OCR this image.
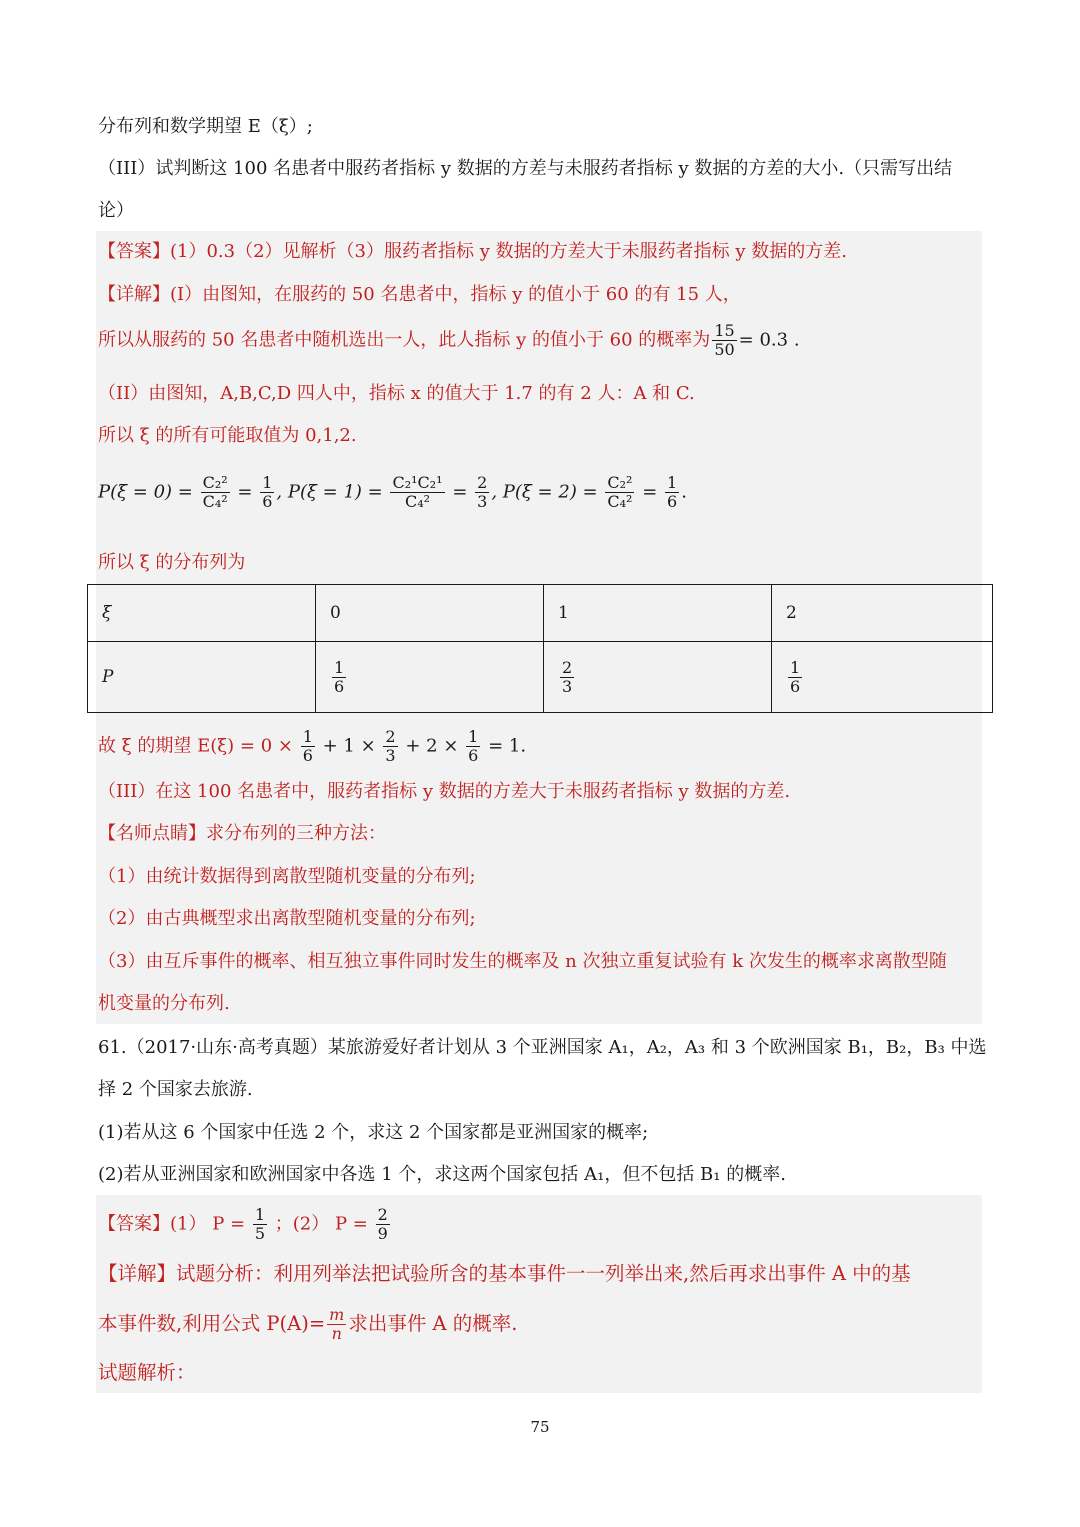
分布列和数学期望 E（ξ）;
（III）试判断这 100 名患者中服药者指标 y 数据的方差与未服药者指标 y 数据的方差的大小.（只需写出结
论）
【答案】(1）0.3（2）见解析（3）服药者指标 y 数据的方差大于未服药者指标 y 数据的方差.
【详解】(I）由图知，在服药的 50 名患者中，指标 y 的值小于 60 的有 15 人，
所以从服药的 50 名患者中随机选出一人，此人指标 y 的值小于 60 的概率为 $\frac{15}{50} = 0.3$ .
（II）由图知，A,B,C,D 四人中，指标 x 的值大于 1.7 的有 2 人：A 和 C.
所以 ξ 的所有可能取值为 0,1,2.
$P(\xi = 0) = \frac{\text{C₂²}}{\text{C₄²}} = \frac{1}{6}$ , $P(\xi = 1) = \frac{\text{C₂¹C₂¹}}{\text{C₄²}} = \frac{2}{3}$ , $P(\xi = 2) = \frac{\text{C₂²}}{\text{C₄²}} = \frac{1}{6}$ .
所以 ξ 的分布列为
ξ	0	1	2
P	$\frac{1}{6}$	$\frac{2}{3}$	$\frac{1}{6}$
故 ξ 的期望 $E(\xi) = 0 \times \frac{1}{6} + 1 \times \frac{2}{3} + 2 \times \frac{1}{6} = 1$.
（III）在这 100 名患者中，服药者指标 y 数据的方差大于未服药者指标 y 数据的方差.
【名师点睛】求分布列的三种方法：
（1）由统计数据得到离散型随机变量的分布列;
（2）由古典概型求出离散型随机变量的分布列;
（3）由互斥事件的概率、相互独立事件同时发生的概率及 n 次独立重复试验有 k 次发生的概率求离散型随
机变量的分布列.
61.（2017·山东·高考真题）某旅游爱好者计划从 3 个亚洲国家 A₁，A₂，A₃ 和 3 个欧洲国家 B₁，B₂，B₃ 中选
择 2 个国家去旅游.
(1)若从这 6 个国家中任选 2 个，求这 2 个国家都是亚洲国家的概率;
(2)若从亚洲国家和欧洲国家中各选 1 个，求这两个国家包括 A₁，但不包括 B₁ 的概率.
【答案】(1） $P = \frac{1}{5}$ ；(2） $P = \frac{2}{9}$
【详解】试题分析：利用列举法把试验所含的基本事件一一列举出来,然后再求出事件 A 中的基
本事件数,利用公式 $P(A)= \frac{m}{n}$ 求出事件 A 的概率.
试题解析：
75
